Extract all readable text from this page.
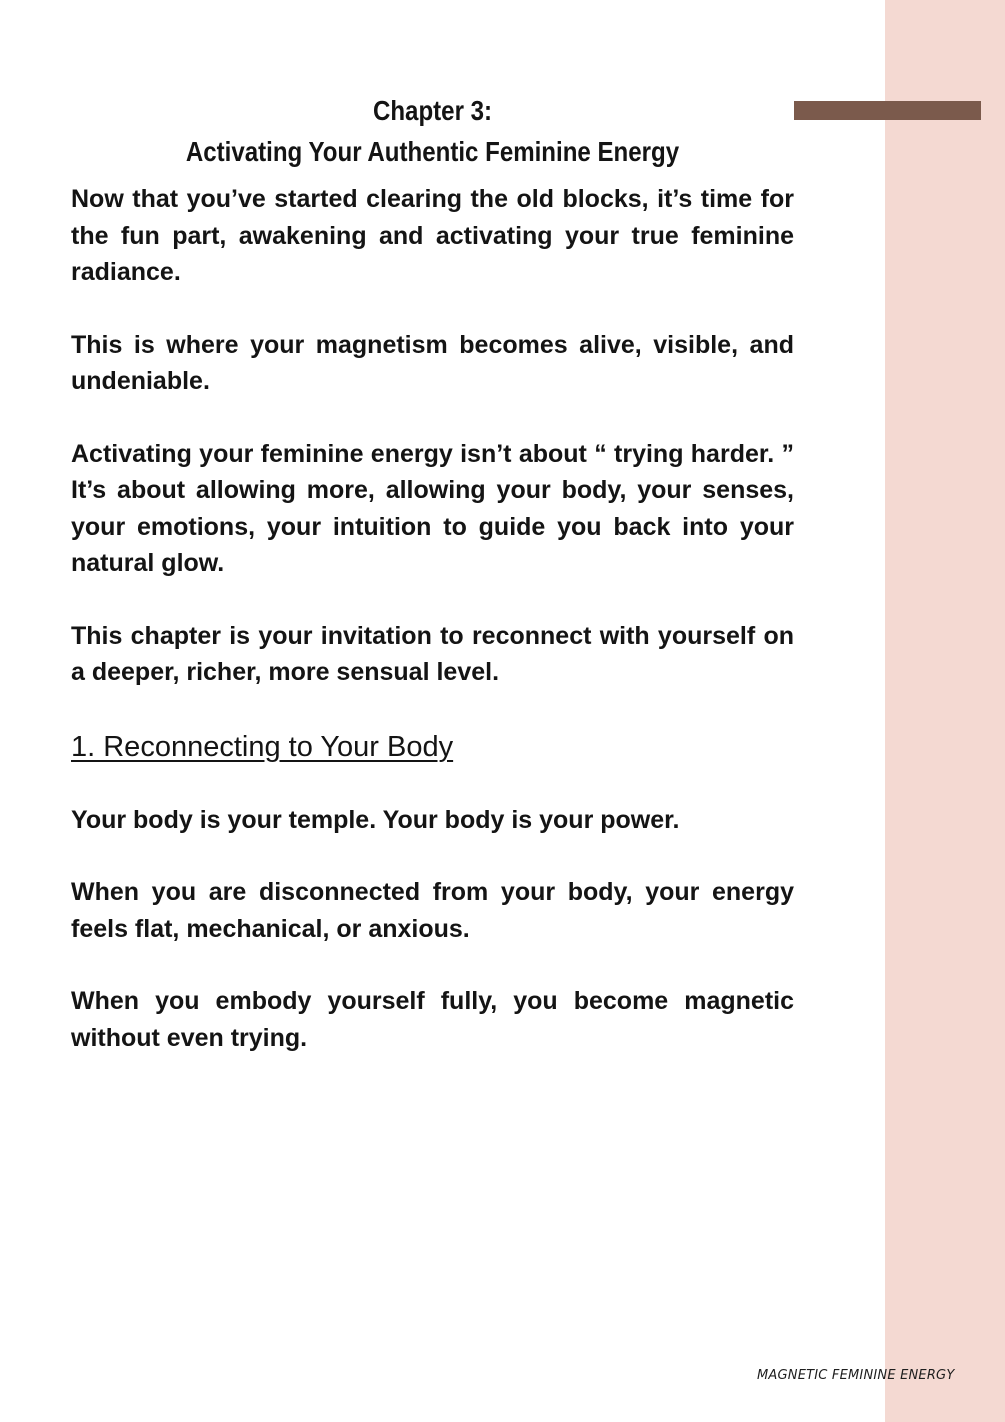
Chapter 3:
Activating Your Authentic Feminine Energy

Now that you’ve started clearing the old blocks, it’s time for the fun part, awakening and activating your true feminine radiance.

This is where your magnetism becomes alive, visible, and undeniable.

Activating your feminine energy isn’t about “ trying harder. ” It’s about allowing more, allowing your body, your senses, your emotions, your intuition to guide you back into your natural glow.

This chapter is your invitation to reconnect with yourself on a deeper, richer, more sensual level.

1. Reconnecting to Your Body

Your body is your temple. Your body is your power.

When you are disconnected from your body, your energy feels flat, mechanical, or anxious.

When you embody yourself fully, you become magnetic without even trying.

MAGNETIC FEMININE ENERGY
